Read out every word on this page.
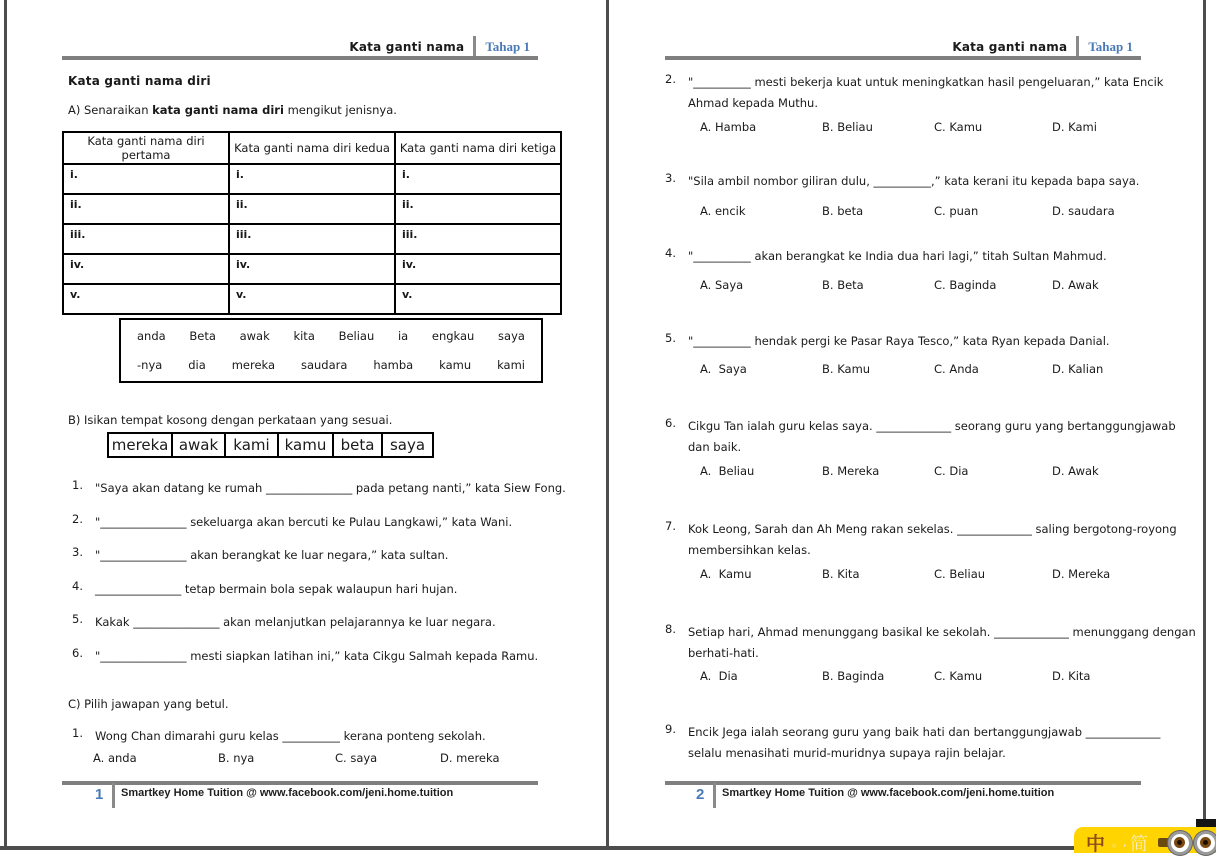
Kata ganti nama Tahap 1
Kata ganti nama diri
A) Senaraikan kata ganti nama diri mengikut jenisnya.
Kata ganti nama diri pertama	Kata ganti nama diri kedua	Kata ganti nama diri ketiga
i.	i.	i.
ii.	ii.	ii.
iii.	iii.	iii.
iv.	iv.	iv.
v.	v.	v.
anda Beta awak kita Beliau ia engkau saya
-nya dia mereka saudara hamba kamu kami
B) Isikan tempat kosong dengan perkataan yang sesuai.
mereka	awak	kami	kamu	beta	saya
1.	"Saya akan datang ke rumah _______________ pada petang nanti,” kata Siew Fong.
2.	"_______________ sekeluarga akan bercuti ke Pulau Langkawi,” kata Wani.
3.	"_______________ akan berangkat ke luar negara,” kata sultan.
4.	_______________ tetap bermain bola sepak walaupun hari hujan.
5.	Kakak _______________ akan melanjutkan pelajarannya ke luar negara.
6.	"_______________ mesti siapkan latihan ini,” kata Cikgu Salmah kepada Ramu.
C) Pilih jawapan yang betul.
1.	Wong Chan dimarahi guru kelas __________ kerana ponteng sekolah.
A. anda	B. nya	C. saya	D. mereka
1 Smartkey Home Tuition @ www.facebook.com/jeni.home.tuition
Kata ganti nama Tahap 1
2.	"__________ mesti bekerja kuat untuk meningkatkan hasil pengeluaran,” kata Encik
Ahmad kepada Muthu.
A. Hamba	B. Beliau	C. Kamu	D. Kami
3.	"Sila ambil nombor giliran dulu, __________,” kata kerani itu kepada bapa saya.
A. encik	B. beta	C. puan	D. saudara
4.	"__________ akan berangkat ke India dua hari lagi,” titah Sultan Mahmud.
A. Saya	B. Beta	C. Baginda	D. Awak
5.	"__________ hendak pergi ke Pasar Raya Tesco,” kata Ryan kepada Danial.
A.  Saya	B. Kamu	C. Anda	D. Kalian
6.	Cikgu Tan ialah guru kelas saya. _____________ seorang guru yang bertanggungjawab
dan baik.
A.  Beliau	B. Mereka	C. Dia	D. Awak
7.	Kok Leong, Sarah dan Ah Meng rakan sekelas. _____________ saling bergotong-royong
membersihkan kelas.
A.  Kamu	B. Kita	C. Beliau	D. Mereka
8.	Setiap hari, Ahmad menunggang basikal ke sekolah. _____________ menunggang dengan
berhati-hati.
A.  Dia	B. Baginda	C. Kamu	D. Kita
9.	Encik Jega ialah seorang guru yang baik hati dan bertanggungjawab _____________
selalu menasihati murid-muridnya supaya rajin belajar.
2 Smartkey Home Tuition @ www.facebook.com/jeni.home.tuition
中 。, 简
